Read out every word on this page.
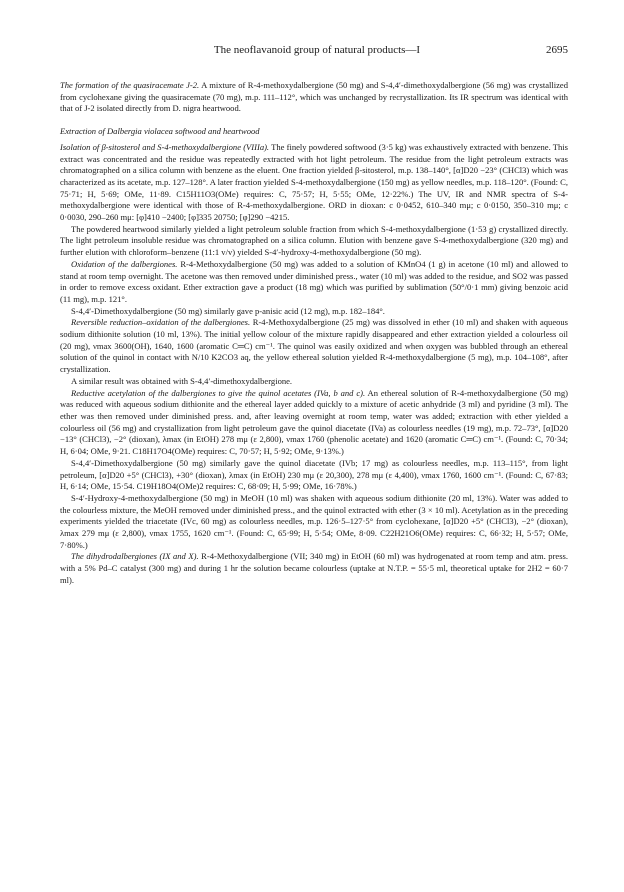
The neoflavanoid group of natural products—I	2695

The formation of the quasiracemate J-2. A mixture of R-4-methoxydalbergione (50 mg) and S-4,4′-dimethoxydalbergione (56 mg) was crystallized from cyclohexane giving the quasiracemate (70 mg), m.p. 111–112°, which was unchanged by recrystallization. Its IR spectrum was identical with that of J-2 isolated directly from D. nigra heartwood.

Extraction of Dalbergia violacea softwood and heartwood

Isolation of β-sitosterol and S-4-methoxydalbergione (VIIIa). The finely powdered softwood (3·5 kg) was exhaustively extracted with benzene. This extract was concentrated and the residue was repeatedly extracted with hot light petroleum. The residue from the light petroleum extracts was chromatographed on a silica column with benzene as the eluent. One fraction yielded β-sitosterol, m.p. 138–140°, [α]D20 −23° (CHCl3) which was characterized as its acetate, m.p. 127–128°. A later fraction yielded S-4-methoxydalbergione (150 mg) as yellow needles, m.p. 118–120°. (Found: C, 75·71; H, 5·69; OMe, 11·89. C15H11O3(OMe) requires: C, 75·57; H, 5·55; OMe, 12·22%.) The UV, IR and NMR spectra of S-4-methoxydalbergione were identical with those of R-4-methoxydalbergione. ORD in dioxan: c 0·0452, 610–340 mμ; c 0·0150, 350–310 mμ; c 0·0030, 290–260 mμ: [φ]410 −2400; [φ]335 20750; [φ]290 −4215.

The powdered heartwood similarly yielded a light petroleum soluble fraction from which S-4-methoxydalbergione (1·53 g) crystallized directly. The light petroleum insoluble residue was chromatographed on a silica column. Elution with benzene gave S-4-methoxydalbergione (320 mg) and further elution with chloroform–benzene (11:1 v/v) yielded S-4′-hydroxy-4-methoxydalbergione (50 mg).

Oxidation of the dalbergiones. R-4-Methoxydalbergione (50 mg) was added to a solution of KMnO4 (1 g) in acetone (10 ml) and allowed to stand at room temp overnight. The acetone was then removed under diminished press., water (10 ml) was added to the residue, and SO2 was passed in order to remove excess oxidant. Ether extraction gave a product (18 mg) which was purified by sublimation (50°/0·1 mm) giving benzoic acid (11 mg), m.p. 121°.

S-4,4′-Dimethoxydalbergione (50 mg) similarly gave p-anisic acid (12 mg), m.p. 182–184°.

Reversible reduction–oxidation of the dalbergiones. R-4-Methoxydalbergione (25 mg) was dissolved in ether (10 ml) and shaken with aqueous sodium dithionite solution (10 ml, 13%). The initial yellow colour of the mixture rapidly disappeared and ether extraction yielded a colourless oil (20 mg), νmax 3600(OH), 1640, 1600 (aromatic C═C) cm⁻¹. The quinol was easily oxidized and when oxygen was bubbled through an ethereal solution of the quinol in contact with N/10 K2CO3 aq, the yellow ethereal solution yielded R-4-methoxydalbergione (5 mg), m.p. 104–108°, after crystallization.

A similar result was obtained with S-4,4′-dimethoxydalbergione.

Reductive acetylation of the dalbergiones to give the quinol acetates (IVa, b and c). An ethereal solution of R-4-methoxydalbergione (50 mg) was reduced with aqueous sodium dithionite and the ethereal layer added quickly to a mixture of acetic anhydride (3 ml) and pyridine (3 ml). The ether was then removed under diminished press. and, after leaving overnight at room temp, water was added; extraction with ether yielded a colourless oil (56 mg) and crystallization from light petroleum gave the quinol diacetate (IVa) as colourless needles (19 mg), m.p. 72–73°, [α]D20 −13° (CHCl3), −2° (dioxan), λmax (in EtOH) 278 mμ (ε 2,800), νmax 1760 (phenolic acetate) and 1620 (aromatic C═C) cm⁻¹. (Found: C, 70·34; H, 6·04; OMe, 9·21. C18H17O4(OMe) requires: C, 70·57; H, 5·92; OMe, 9·13%.)

S-4,4′-Dimethoxydalbergione (50 mg) similarly gave the quinol diacetate (IVb; 17 mg) as colourless needles, m.p. 113–115°, from light petroleum, [α]D20 +5° (CHCl3), +30° (dioxan), λmax (in EtOH) 230 mμ (ε 20,300), 278 mμ (ε 4,400), νmax 1760, 1600 cm⁻¹. (Found: C, 67·83; H, 6·14; OMe, 15·54. C19H18O4(OMe)2 requires: C, 68·09; H, 5·99; OMe, 16·78%.)

S-4′-Hydroxy-4-methoxydalbergione (50 mg) in MeOH (10 ml) was shaken with aqueous sodium dithionite (20 ml, 13%). Water was added to the colourless mixture, the MeOH removed under diminished press., and the quinol extracted with ether (3 × 10 ml). Acetylation as in the preceding experiments yielded the triacetate (IVc, 60 mg) as colourless needles, m.p. 126·5–127·5° from cyclohexane, [α]D20 +5° (CHCl3), −2° (dioxan), λmax 279 mμ (ε 2,800), νmax 1755, 1620 cm⁻¹. (Found: C, 65·99; H, 5·54; OMe, 8·09. C22H21O6(OMe) requires: C, 66·32; H, 5·57; OMe, 7·80%.)

The dihydrodalbergiones (IX and X). R-4-Methoxydalbergione (VII; 340 mg) in EtOH (60 ml) was hydrogenated at room temp and atm. press. with a 5% Pd–C catalyst (300 mg) and during 1 hr the solution became colourless (uptake at N.T.P. = 55·5 ml, theoretical uptake for 2H2 = 60·7 ml).
